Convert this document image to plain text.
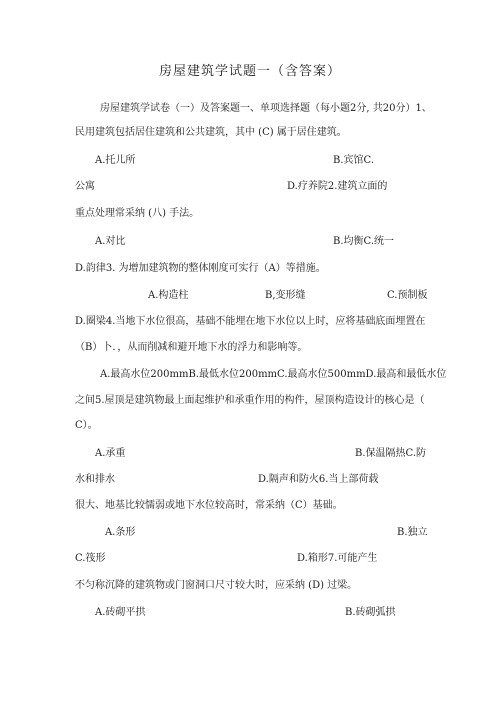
房屋建筑学试题一（含答案）
房屋建筑学试卷（一）及答案题一、单项选择题（每小题2分, 共20分）1、
民用建筑包括居住建筑和公共建筑，其中 (C) 属于居住建筑。
A.托儿所	B.宾馆C.
公寓	D.疗养院2.建筑立面的
重点处理常采纳 (八) 手法。
A.对比	B.均衡C.统一
D.韵律3. 为增加建筑物的整体刚度可实行（A）等措施。
A.构造柱	B,变形缝	C.预制板
D.圈梁4.当地下水位很高，基础不能埋在地下水位以上时，应将基础底面埋置在
（B）卜．，从而削减和避开地下水的浮力和影响等。
A.最高水位200mmB.最低水位200mmC.最高水位500mmD.最高和最低水位
之间5.屋顶是建筑物最上面起维护和承重作用的构件，屋顶构造设计的核心是（
C）。
A.承重	B.保温隔热C.防
水和排水	D.隔声和防火6.当上部荷载
很大、地基比较懦弱或地下水位较高时，常采纳（C）基础。
A.条形	B.独立
C.筏形	D.箱形7.可能产生
不匀称沉降的建筑物或门窗洞口尺寸较大时，应采纳 (D) 过梁。
A.砖砌平拱	B.砖砌弧拱
